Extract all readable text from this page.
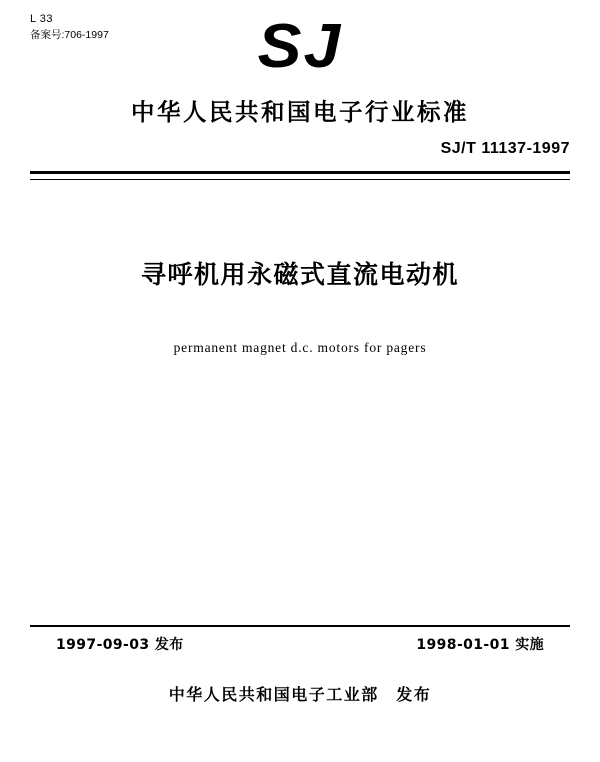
L 33
备案号:706-1997	SJ
中华人民共和国电子行业标准
SJ/T 11137-1997
寻呼机用永磁式直流电动机
permanent magnet d.c. motors for pagers
1997-09-03 发布	1998-01-01 实施
中华人民共和国电子工业部　发布
